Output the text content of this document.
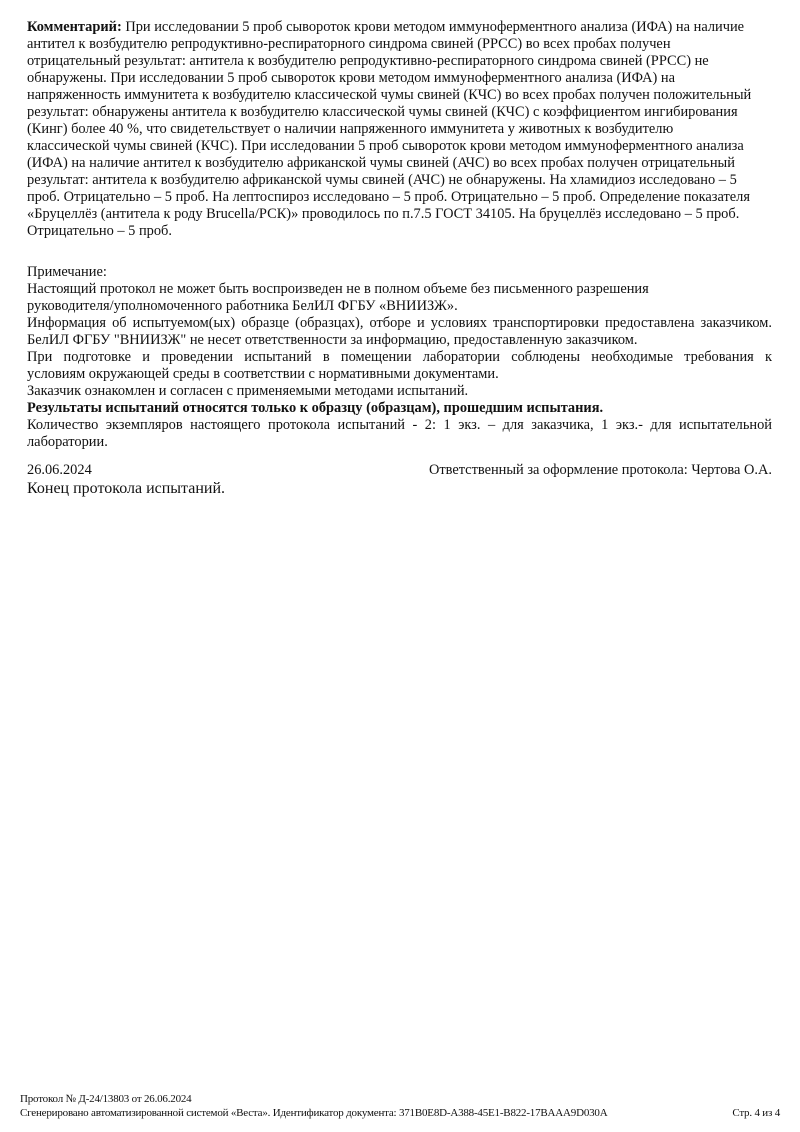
Комментарий: При исследовании 5 проб сывороток крови методом иммуноферментного анализа (ИФА) на наличие
антител к возбудителю репродуктивно-респираторного синдрома свиней (РРСС) во всех пробах получен
отрицательный результат: антитела к возбудителю репродуктивно-респираторного синдрома свиней (РРСС) не
обнаружены. При исследовании 5 проб сывороток крови методом иммуноферментного анализа (ИФА) на
напряженность иммунитета к возбудителю классической чумы свиней (КЧС) во всех пробах получен положительный
результат: обнаружены антитела к возбудителю классической чумы свиней (КЧС) с коэффициентом ингибирования
(Кинг) более 40 %, что свидетельствует о наличии напряженного иммунитета у животных к возбудителю
классической чумы свиней (КЧС). При исследовании 5 проб сывороток крови методом иммуноферментного анализа
(ИФА) на наличие антител к возбудителю африканской чумы свиней (АЧС) во всех пробах получен отрицательный
результат: антитела к возбудителю африканской чумы свиней (АЧС) не обнаружены. На хламидиоз исследовано – 5
проб. Отрицательно – 5 проб. На лептоспироз исследовано – 5 проб. Отрицательно – 5 проб. Определение показателя
«Бруцеллёз (антитела к роду Brucella/РСК)» проводилось по п.7.5 ГОСТ 34105. На бруцеллёз исследовано – 5 проб.
Отрицательно – 5 проб.
Примечание:
Настоящий протокол не может быть воспроизведен не в полном объеме без письменного разрешения
руководителя/уполномоченного работника БелИЛ ФГБУ «ВНИИЗЖ».
Информация об испытуемом(ых) образце (образцах), отборе и условиях транспортировки предоставлена заказчиком.
БелИЛ ФГБУ "ВНИИЗЖ" не несет ответственности за информацию, предоставленную заказчиком.
При подготовке и проведении испытаний в помещении лаборатории соблюдены необходимые требования к
условиям окружающей среды в соответствии с нормативными документами.
Заказчик ознакомлен и согласен с применяемыми методами испытаний.
Результаты испытаний относятся только к образцу (образцам), прошедшим испытания.
Количество экземпляров настоящего протокола испытаний - 2: 1 экз. – для заказчика, 1 экз.- для испытательной
лаборатории.
26.06.2024	Ответственный за оформление протокола: Чертова О.А.
Конец протокола испытаний.
Протокол № Д-24/13803 от 26.06.2024
Сгенерировано автоматизированной системой «Веста». Идентификатор документа: 371B0E8D-A388-45E1-B822-17BAAA9D030A	Стр. 4 из 4
